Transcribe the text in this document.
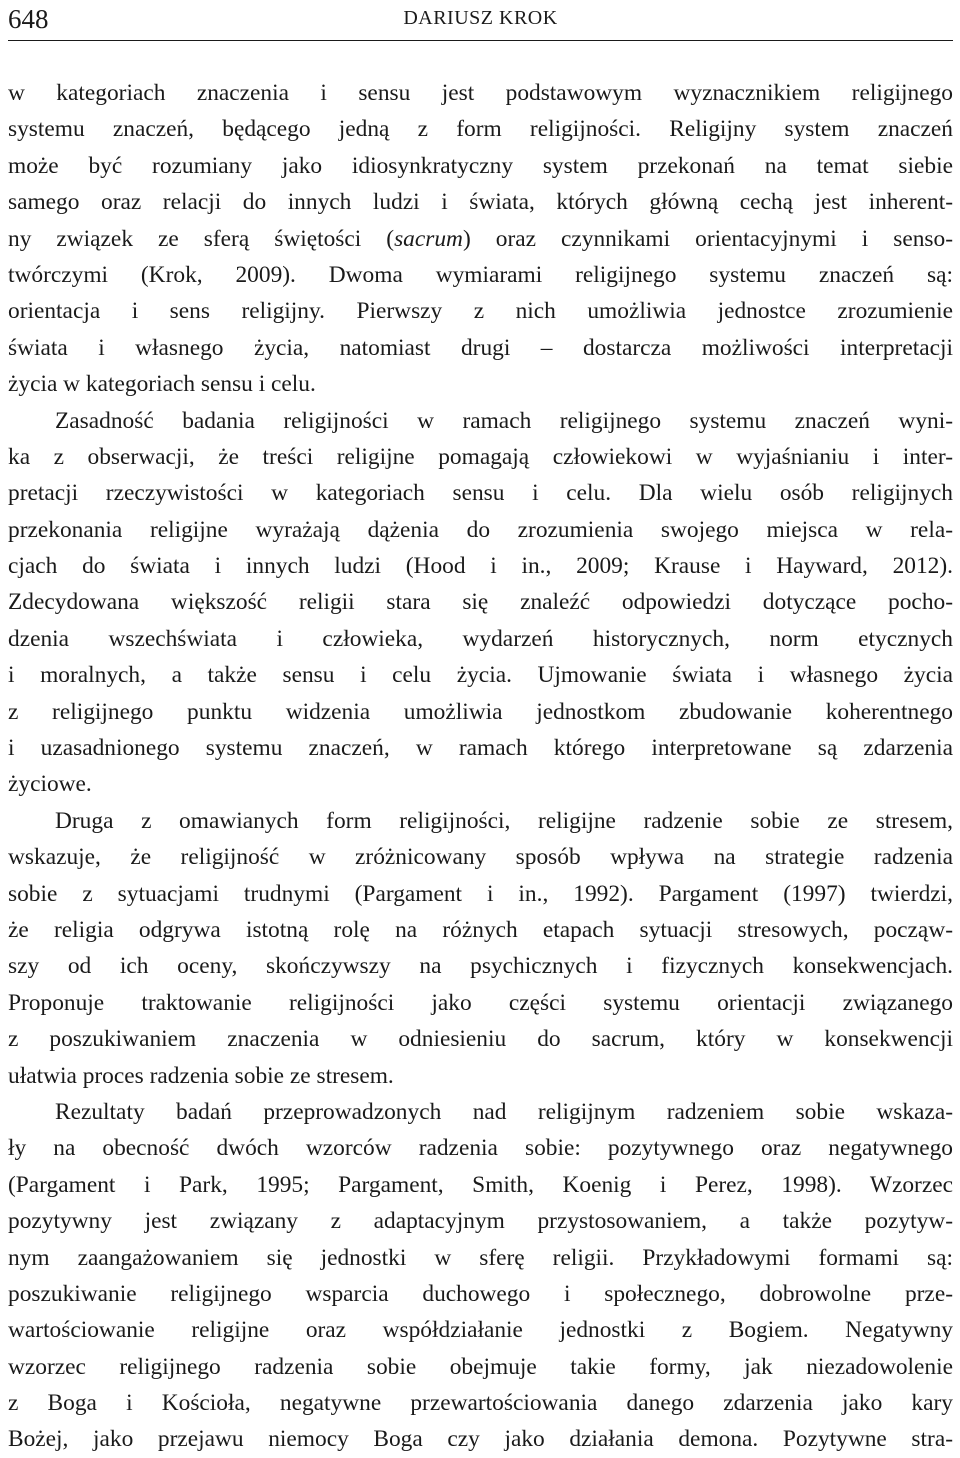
648	DARIUSZ KROK
w kategoriach znaczenia i sensu jest podstawowym wyznacznikiem religijnego
systemu znaczeń, będącego jedną z form religijności. Religijny system znaczeń
może być rozumiany jako idiosynkratyczny system przekonań na temat siebie
samego oraz relacji do innych ludzi i świata, których główną cechą jest inherent-
ny związek ze sferą świętości (sacrum) oraz czynnikami orientacyjnymi i senso-
twórczymi (Krok, 2009). Dwoma wymiarami religijnego systemu znaczeń są:
orientacja i sens religijny. Pierwszy z nich umożliwia jednostce zrozumienie
świata i własnego życia, natomiast drugi – dostarcza możliwości interpretacji
życia w kategoriach sensu i celu.
Zasadność badania religijności w ramach religijnego systemu znaczeń wyni-
ka z obserwacji, że treści religijne pomagają człowiekowi w wyjaśnianiu i inter-
pretacji rzeczywistości w kategoriach sensu i celu. Dla wielu osób religijnych
przekonania religijne wyrażają dążenia do zrozumienia swojego miejsca w rela-
cjach do świata i innych ludzi (Hood i in., 2009; Krause i Hayward, 2012).
Zdecydowana większość religii stara się znaleźć odpowiedzi dotyczące pocho-
dzenia wszechświata i człowieka, wydarzeń historycznych, norm etycznych
i moralnych, a także sensu i celu życia. Ujmowanie świata i własnego życia
z religijnego punktu widzenia umożliwia jednostkom zbudowanie koherentnego
i uzasadnionego systemu znaczeń, w ramach którego interpretowane są zdarzenia
życiowe.
Druga z omawianych form religijności, religijne radzenie sobie ze stresem,
wskazuje, że religijność w zróżnicowany sposób wpływa na strategie radzenia
sobie z sytuacjami trudnymi (Pargament i in., 1992). Pargament (1997) twierdzi,
że religia odgrywa istotną rolę na różnych etapach sytuacji stresowych, począw-
szy od ich oceny, skończywszy na psychicznych i fizycznych konsekwencjach.
Proponuje traktowanie religijności jako części systemu orientacji związanego
z poszukiwaniem znaczenia w odniesieniu do sacrum, który w konsekwencji
ułatwia proces radzenia sobie ze stresem.
Rezultaty badań przeprowadzonych nad religijnym radzeniem sobie wskaza-
ły na obecność dwóch wzorców radzenia sobie: pozytywnego oraz negatywnego
(Pargament i Park, 1995; Pargament, Smith, Koenig i Perez, 1998). Wzorzec
pozytywny jest związany z adaptacyjnym przystosowaniem, a także pozytyw-
nym zaangażowaniem się jednostki w sferę religii. Przykładowymi formami są:
poszukiwanie religijnego wsparcia duchowego i społecznego, dobrowolne prze-
wartościowanie religijne oraz współdziałanie jednostki z Bogiem. Negatywny
wzorzec religijnego radzenia sobie obejmuje takie formy, jak niezadowolenie
z Boga i Kościoła, negatywne przewartościowania danego zdarzenia jako kary
Bożej, jako przejawu niemocy Boga czy jako działania demona. Pozytywne stra-
